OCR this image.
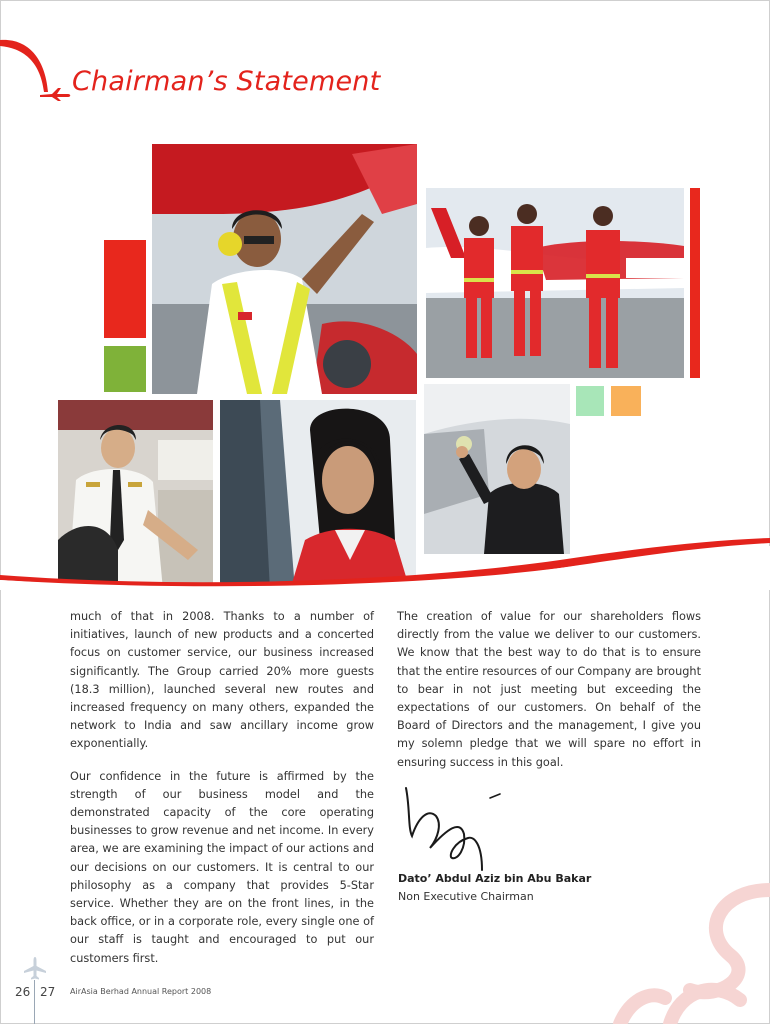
Chairman’s Statement

much of that in 2008. Thanks to a number of initiatives, launch of new products and a concerted focus on customer service, our business increased significantly. The Group carried 20% more guests (18.3 million), launched several new routes and increased frequency on many others, expanded the network to India and saw ancillary income grow exponentially.

Our confidence in the future is affirmed by the strength of our business model and the demonstrated capacity of the core operating businesses to grow revenue and net income. In every area, we are examining the impact of our actions and our decisions on our customers. It is central to our philosophy as a company that provides 5-Star service. Whether they are on the front lines, in the back office, or in a corporate role, every single one of our staff is taught and encouraged to put our customers first.

The creation of value for our shareholders flows directly from the value we deliver to our customers. We know that the best way to do that is to ensure that the entire resources of our Company are brought to bear in not just meeting but exceeding the expectations of our customers. On behalf of the Board of Directors and the management, I give you my solemn pledge that we will spare no effort in ensuring success in this goal.

Dato’ Abdul Aziz bin Abu Bakar
Non Executive Chairman
26 27 AirAsia Berhad Annual Report 2008
